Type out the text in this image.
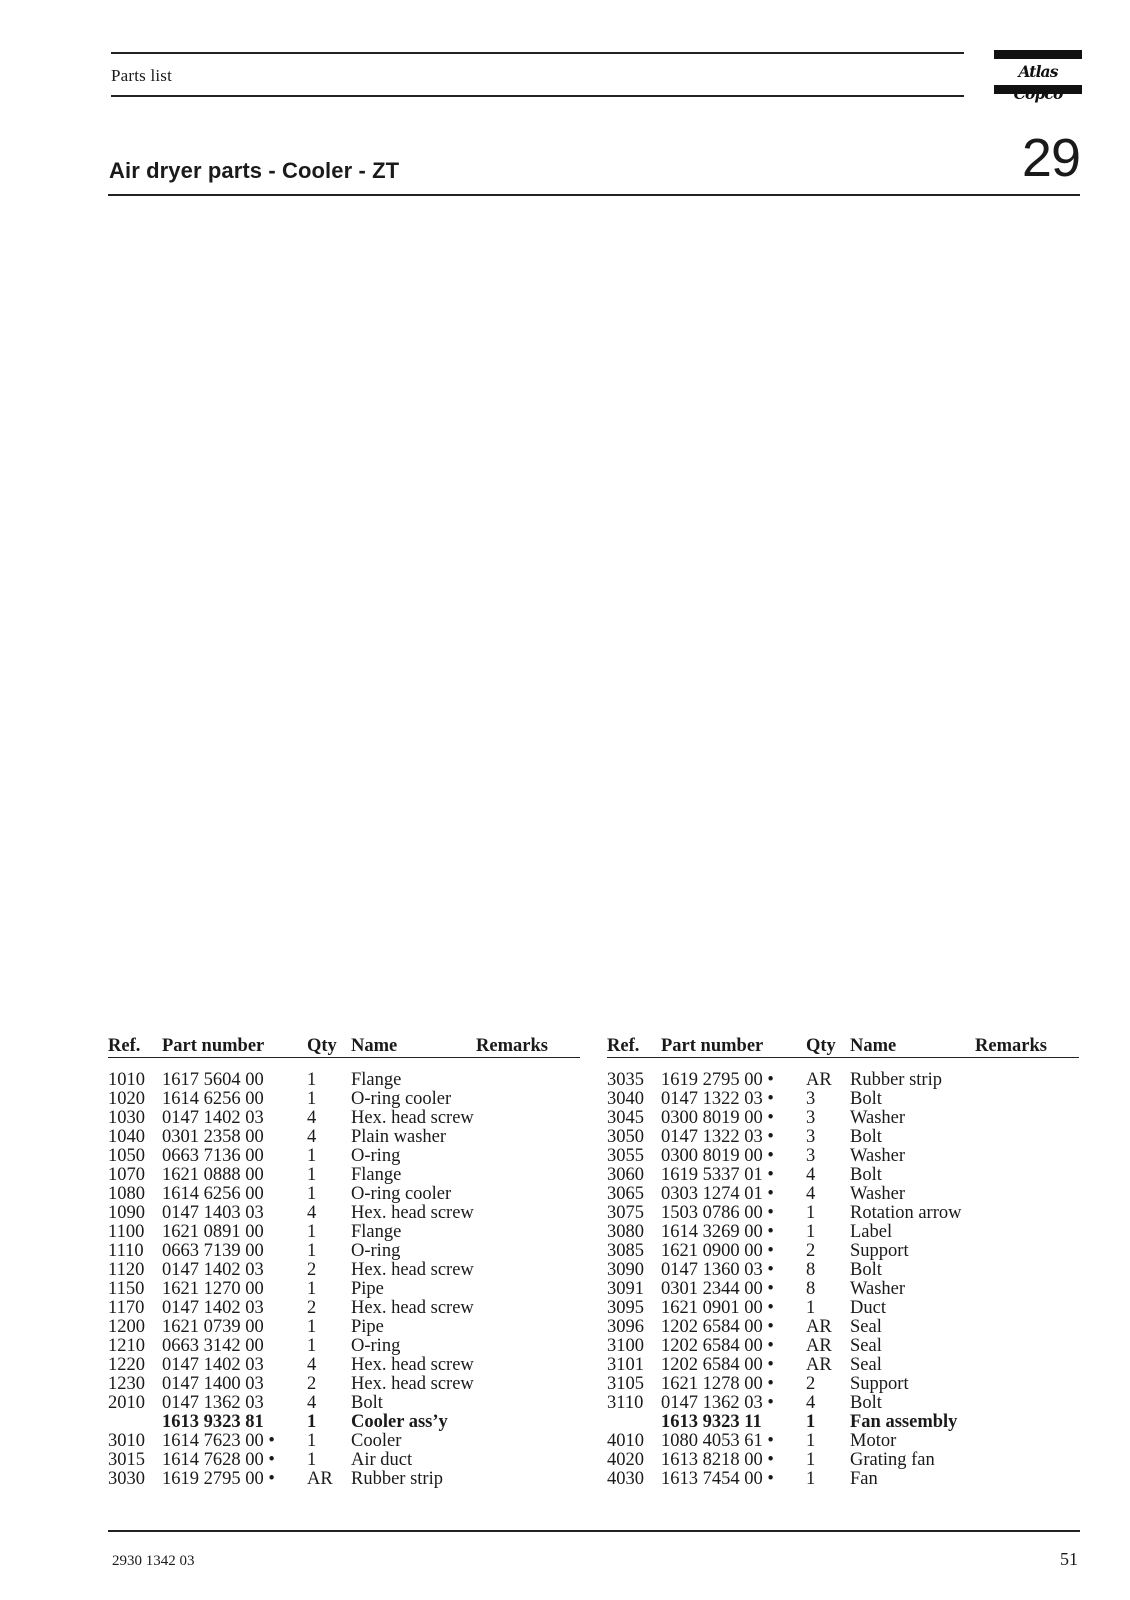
Parts list	Atlas
Air dryer parts - Cooler - ZT	29
Ref.	Part number	Qty	Name	Remarks

1010	1617 5604 00	1	Flange	
1020	1614 6256 00	1	O-ring cooler	
1030	0147 1402 03	4	Hex. head screw	
1040	0301 2358 00	4	Plain washer	
1050	0663 7136 00	1	O-ring	
1070	1621 0888 00	1	Flange	
1080	1614 6256 00	1	O-ring cooler	
1090	0147 1403 03	4	Hex. head screw	
1100	1621 0891 00	1	Flange	
1110	0663 7139 00	1	O-ring	
1120	0147 1402 03	2	Hex. head screw	
1150	1621 1270 00	1	Pipe	
1170	0147 1402 03	2	Hex. head screw	
1200	1621 0739 00	1	Pipe	
1210	0663 3142 00	1	O-ring	
1220	0147 1402 03	4	Hex. head screw	
1230	0147 1400 03	2	Hex. head screw	
2010	0147 1362 03	4	Bolt	
	1613 9323 81	1	Cooler ass’y	
3010	1614 7623 00 •	1	Cooler	
3015	1614 7628 00 •	1	Air duct	
3030	1619 2795 00 •	AR	Rubber strip	
Ref.	Part number	Qty	Name	Remarks

3035	1619 2795 00 •	AR	Rubber strip	
3040	0147 1322 03 •	3	Bolt	
3045	0300 8019 00 •	3	Washer	
3050	0147 1322 03 •	3	Bolt	
3055	0300 8019 00 •	3	Washer	
3060	1619 5337 01 •	4	Bolt	
3065	0303 1274 01 •	4	Washer	
3075	1503 0786 00 •	1	Rotation arrow	
3080	1614 3269 00 •	1	Label	
3085	1621 0900 00 •	2	Support	
3090	0147 1360 03 •	8	Bolt	
3091	0301 2344 00 •	8	Washer	
3095	1621 0901 00 •	1	Duct	
3096	1202 6584 00 •	AR	Seal	
3100	1202 6584 00 •	AR	Seal	
3101	1202 6584 00 •	AR	Seal	
3105	1621 1278 00 •	2	Support	
3110	0147 1362 03 •	4	Bolt	
	1613 9323 11	1	Fan assembly	
4010	1080 4053 61 •	1	Motor	
4020	1613 8218 00 •	1	Grating fan	
4030	1613 7454 00 •	1	Fan	
2930 1342 03	51
